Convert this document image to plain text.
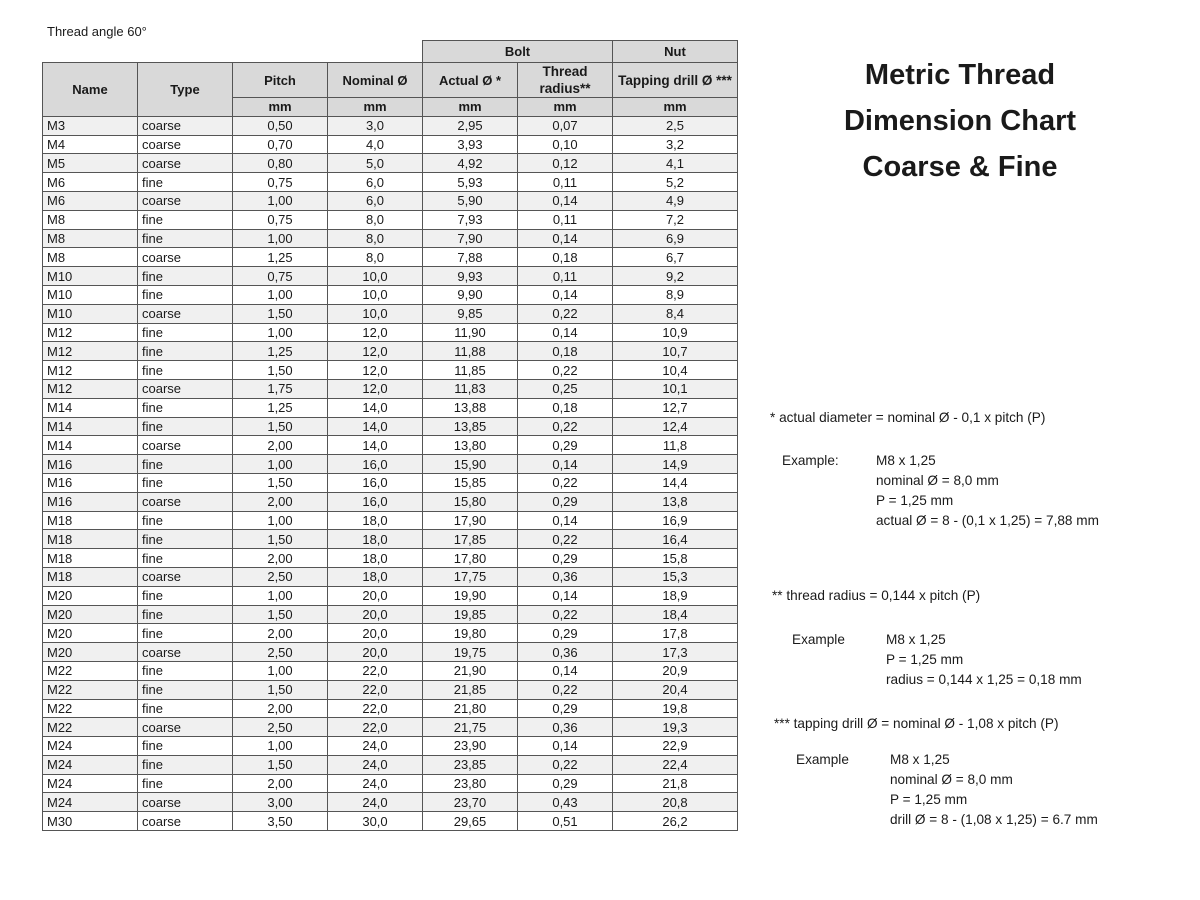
Thread angle 60°
				Bolt		Nut
Name	Type	Pitch	Nominal Ø	Actual Ø *	Thread radius**	Tapping drill Ø ***
		mm	mm	mm	mm	mm
M3	coarse	0,50	3,0	2,95	0,07	2,5
M4	coarse	0,70	4,0	3,93	0,10	3,2
M5	coarse	0,80	5,0	4,92	0,12	4,1
M6	fine	0,75	6,0	5,93	0,11	5,2
M6	coarse	1,00	6,0	5,90	0,14	4,9
M8	fine	0,75	8,0	7,93	0,11	7,2
M8	fine	1,00	8,0	7,90	0,14	6,9
M8	coarse	1,25	8,0	7,88	0,18	6,7
M10	fine	0,75	10,0	9,93	0,11	9,2
M10	fine	1,00	10,0	9,90	0,14	8,9
M10	coarse	1,50	10,0	9,85	0,22	8,4
M12	fine	1,00	12,0	11,90	0,14	10,9
M12	fine	1,25	12,0	11,88	0,18	10,7
M12	fine	1,50	12,0	11,85	0,22	10,4
M12	coarse	1,75	12,0	11,83	0,25	10,1
M14	fine	1,25	14,0	13,88	0,18	12,7
M14	fine	1,50	14,0	13,85	0,22	12,4
M14	coarse	2,00	14,0	13,80	0,29	11,8
M16	fine	1,00	16,0	15,90	0,14	14,9
M16	fine	1,50	16,0	15,85	0,22	14,4
M16	coarse	2,00	16,0	15,80	0,29	13,8
M18	fine	1,00	18,0	17,90	0,14	16,9
M18	fine	1,50	18,0	17,85	0,22	16,4
M18	fine	2,00	18,0	17,80	0,29	15,8
M18	coarse	2,50	18,0	17,75	0,36	15,3
M20	fine	1,00	20,0	19,90	0,14	18,9
M20	fine	1,50	20,0	19,85	0,22	18,4
M20	fine	2,00	20,0	19,80	0,29	17,8
M20	coarse	2,50	20,0	19,75	0,36	17,3
M22	fine	1,00	22,0	21,90	0,14	20,9
M22	fine	1,50	22,0	21,85	0,22	20,4
M22	fine	2,00	22,0	21,80	0,29	19,8
M22	coarse	2,50	22,0	21,75	0,36	19,3
M24	fine	1,00	24,0	23,90	0,14	22,9
M24	fine	1,50	24,0	23,85	0,22	22,4
M24	fine	2,00	24,0	23,80	0,29	21,8
M24	coarse	3,00	24,0	23,70	0,43	20,8
M30	coarse	3,50	30,0	29,65	0,51	26,2
Metric Thread
Dimension Chart
Coarse & Fine
* actual diameter = nominal Ø - 0,1 x pitch (P)
Example:	M8 x 1,25
nominal Ø = 8,0 mm
P = 1,25 mm
actual Ø = 8 - (0,1 x 1,25) = 7,88 mm
** thread radius = 0,144 x pitch (P)
Example	M8 x 1,25
P = 1,25 mm
radius = 0,144 x 1,25 = 0,18 mm
*** tapping drill Ø = nominal Ø - 1,08 x pitch (P)
Example	M8 x 1,25
nominal Ø = 8,0 mm
P = 1,25 mm
drill Ø = 8 - (1,08 x 1,25) = 6.7 mm
